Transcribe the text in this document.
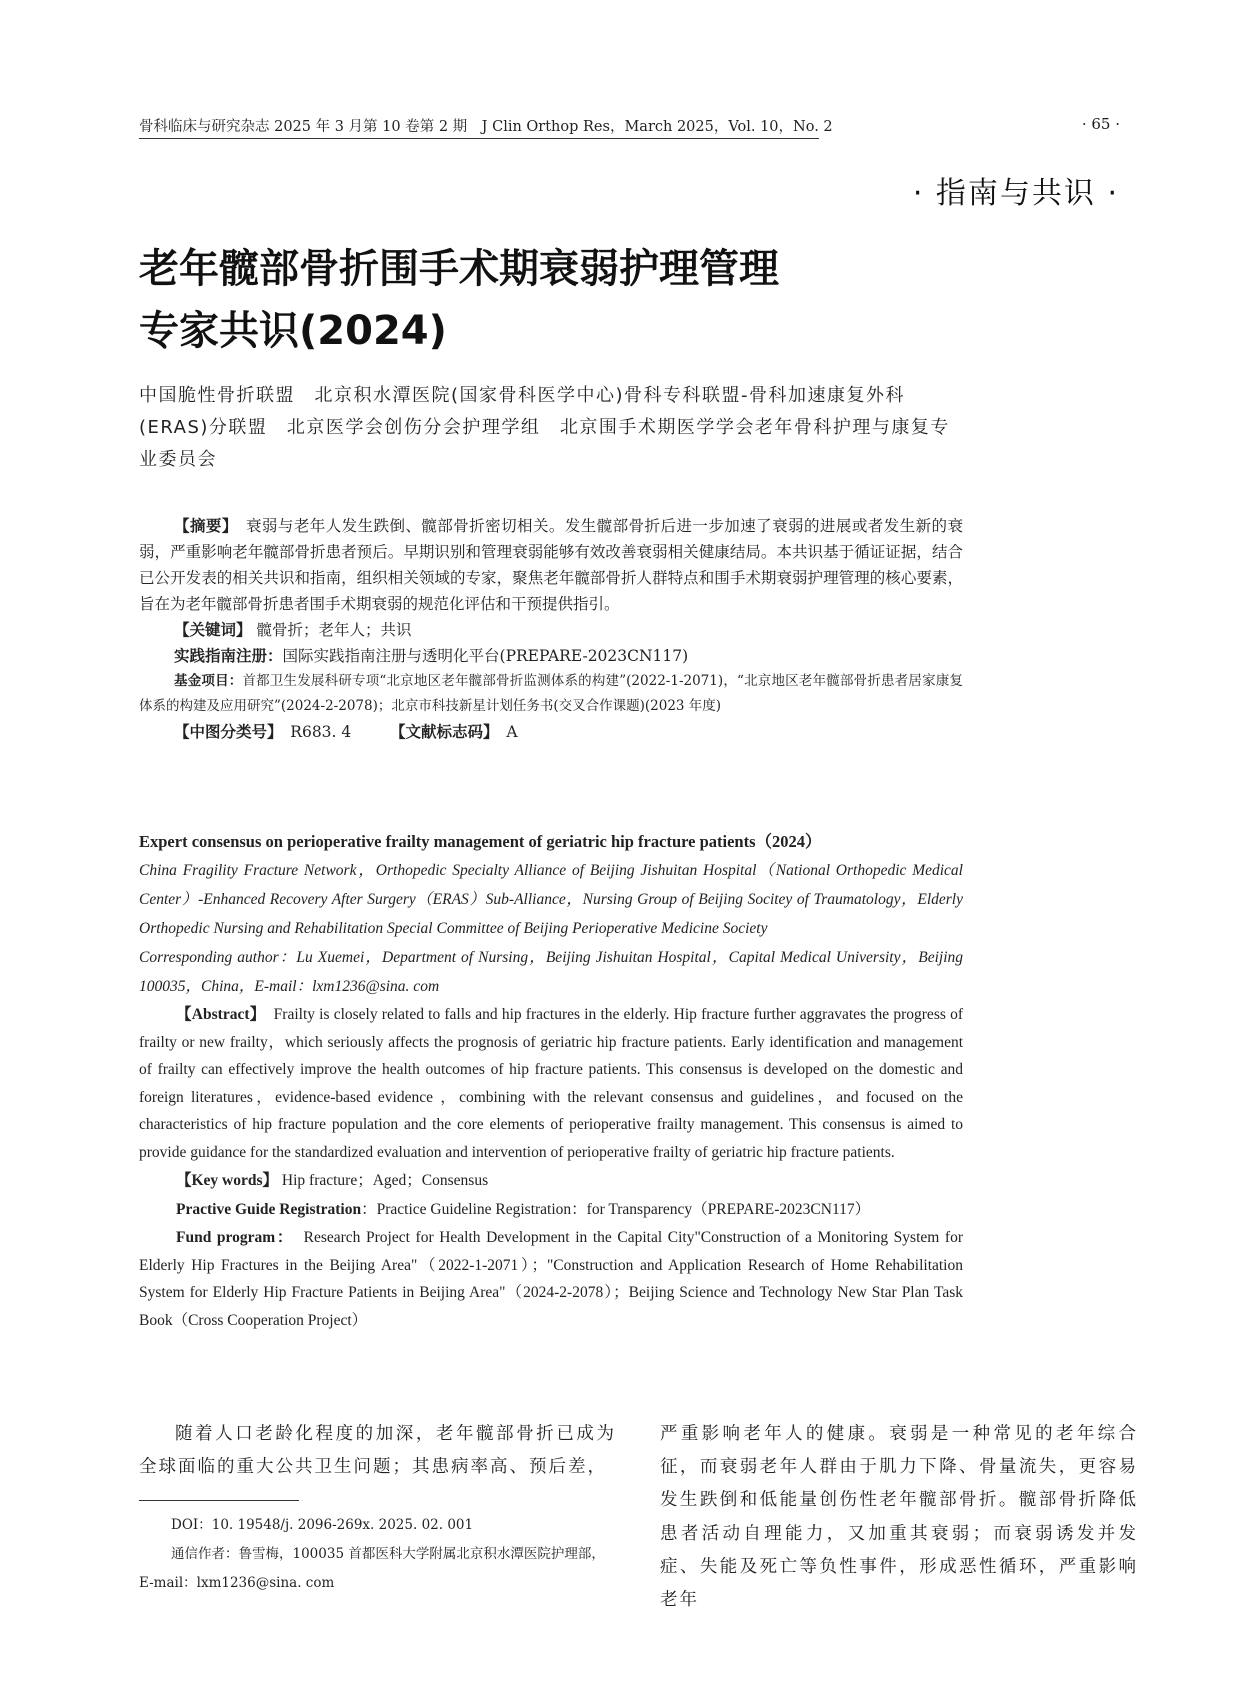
骨科临床与研究杂志 2025 年 3 月第 10 卷第 2 期　J Clin Orthop Res，March 2025，Vol. 10，No. 2	· 65 ·
· 指南与共识 ·
老年髋部骨折围手术期衰弱护理管理
专家共识(2024)

中国脆性骨折联盟　北京积水潭医院(国家骨科医学中心)骨科专科联盟-骨科加速康复外科(ERAS)分联盟　北京医学会创伤分会护理学组　北京围手术期医学学会老年骨科护理与康复专业委员会

【摘要】　 衰弱与老年人发生跌倒、髋部骨折密切相关。发生髋部骨折后进一步加速了衰弱的进展或者发生新的衰弱，严重影响老年髋部骨折患者预后。早期识别和管理衰弱能够有效改善衰弱相关健康结局。本共识基于循证证据，结合已公开发表的相关共识和指南，组织相关领域的专家，聚焦老年髋部骨折人群特点和围手术期衰弱护理管理的核心要素，旨在为老年髋部骨折患者围手术期衰弱的规范化评估和干预提供指引。

【关键词】 髋骨折；老年人；共识

实践指南注册：国际实践指南注册与透明化平台(PREPARE-2023CN117)

基金项目：首都卫生发展科研专项“北京地区老年髋部骨折监测体系的构建”(2022-1-2071)，“北京地区老年髋部骨折患者居家康复体系的构建及应用研究”(2024-2-2078)；北京市科技新星计划任务书(交叉合作课题)(2023 年度)

【中图分类号】　 R683. 4　　　	【文献标志码】　 A

Expert consensus on perioperative frailty management of geriatric hip fracture patients（2024）

China Fragility Fracture Network，Orthopedic Specialty Alliance of Beijing Jishuitan Hospital（National Orthopedic Medical Center）-Enhanced Recovery After Surgery（ERAS）Sub-Alliance，Nursing Group of Beijing Socitey of Traumatology，Elderly Orthopedic Nursing and Rehabilitation Special Committee of Beijing Perioperative Medicine Society

Corresponding author：Lu Xuemei，Department of Nursing，Beijing Jishuitan Hospital，Capital Medical University，Beijing 100035，China，E-mail：lxm1236@sina. com

【Abstract】　 Frailty is closely related to falls and hip fractures in the elderly. Hip fracture further aggravates the progress of frailty or new frailty，which seriously affects the prognosis of geriatric hip fracture patients. Early identification and management of frailty can effectively improve the health outcomes of hip fracture patients. This consensus is developed on the domestic and foreign literatures，evidence-based evidence ，combining with the relevant consensus and guidelines，and focused on the characteristics of hip fracture population and the core elements of perioperative frailty management. This consensus is aimed to provide guidance for the standardized evaluation and intervention of perioperative frailty of geriatric hip fracture patients.

【Key words】 Hip fracture；Aged；Consensus

Practive Guide Registration：Practice Guideline Registration：for Transparency（PREPARE-2023CN117）

Fund program：　 Research Project for Health Development in the Capital City"Construction of a Monitoring System for Elderly Hip Fractures in the Beijing Area"（2022-1-2071）；"Construction and Application Research of Home Rehabilitation System for Elderly Hip Fracture Patients in Beijing Area"（2024-2-2078）；Beijing Science and Technology New Star Plan Task Book（Cross Cooperation Project）

随着人口老龄化程度的加深，老年髋部骨折已成为全球面临的重大公共卫生问题；其患病率高、预后差，

DOI：10. 19548/j. 2096-269x. 2025. 02. 001

通信作者：鲁雪梅，100035 首都医科大学附属北京积水潭医院护理部，E-mail：lxm1236@sina. com

严重影响老年人的健康。衰弱是一种常见的老年综合征，而衰弱老年人群由于肌力下降、骨量流失，更容易发生跌倒和低能量创伤性老年髋部骨折。髋部骨折降低患者活动自理能力，又加重其衰弱；而衰弱诱发并发症、失能及死亡等负性事件，形成恶性循环，严重影响老年
